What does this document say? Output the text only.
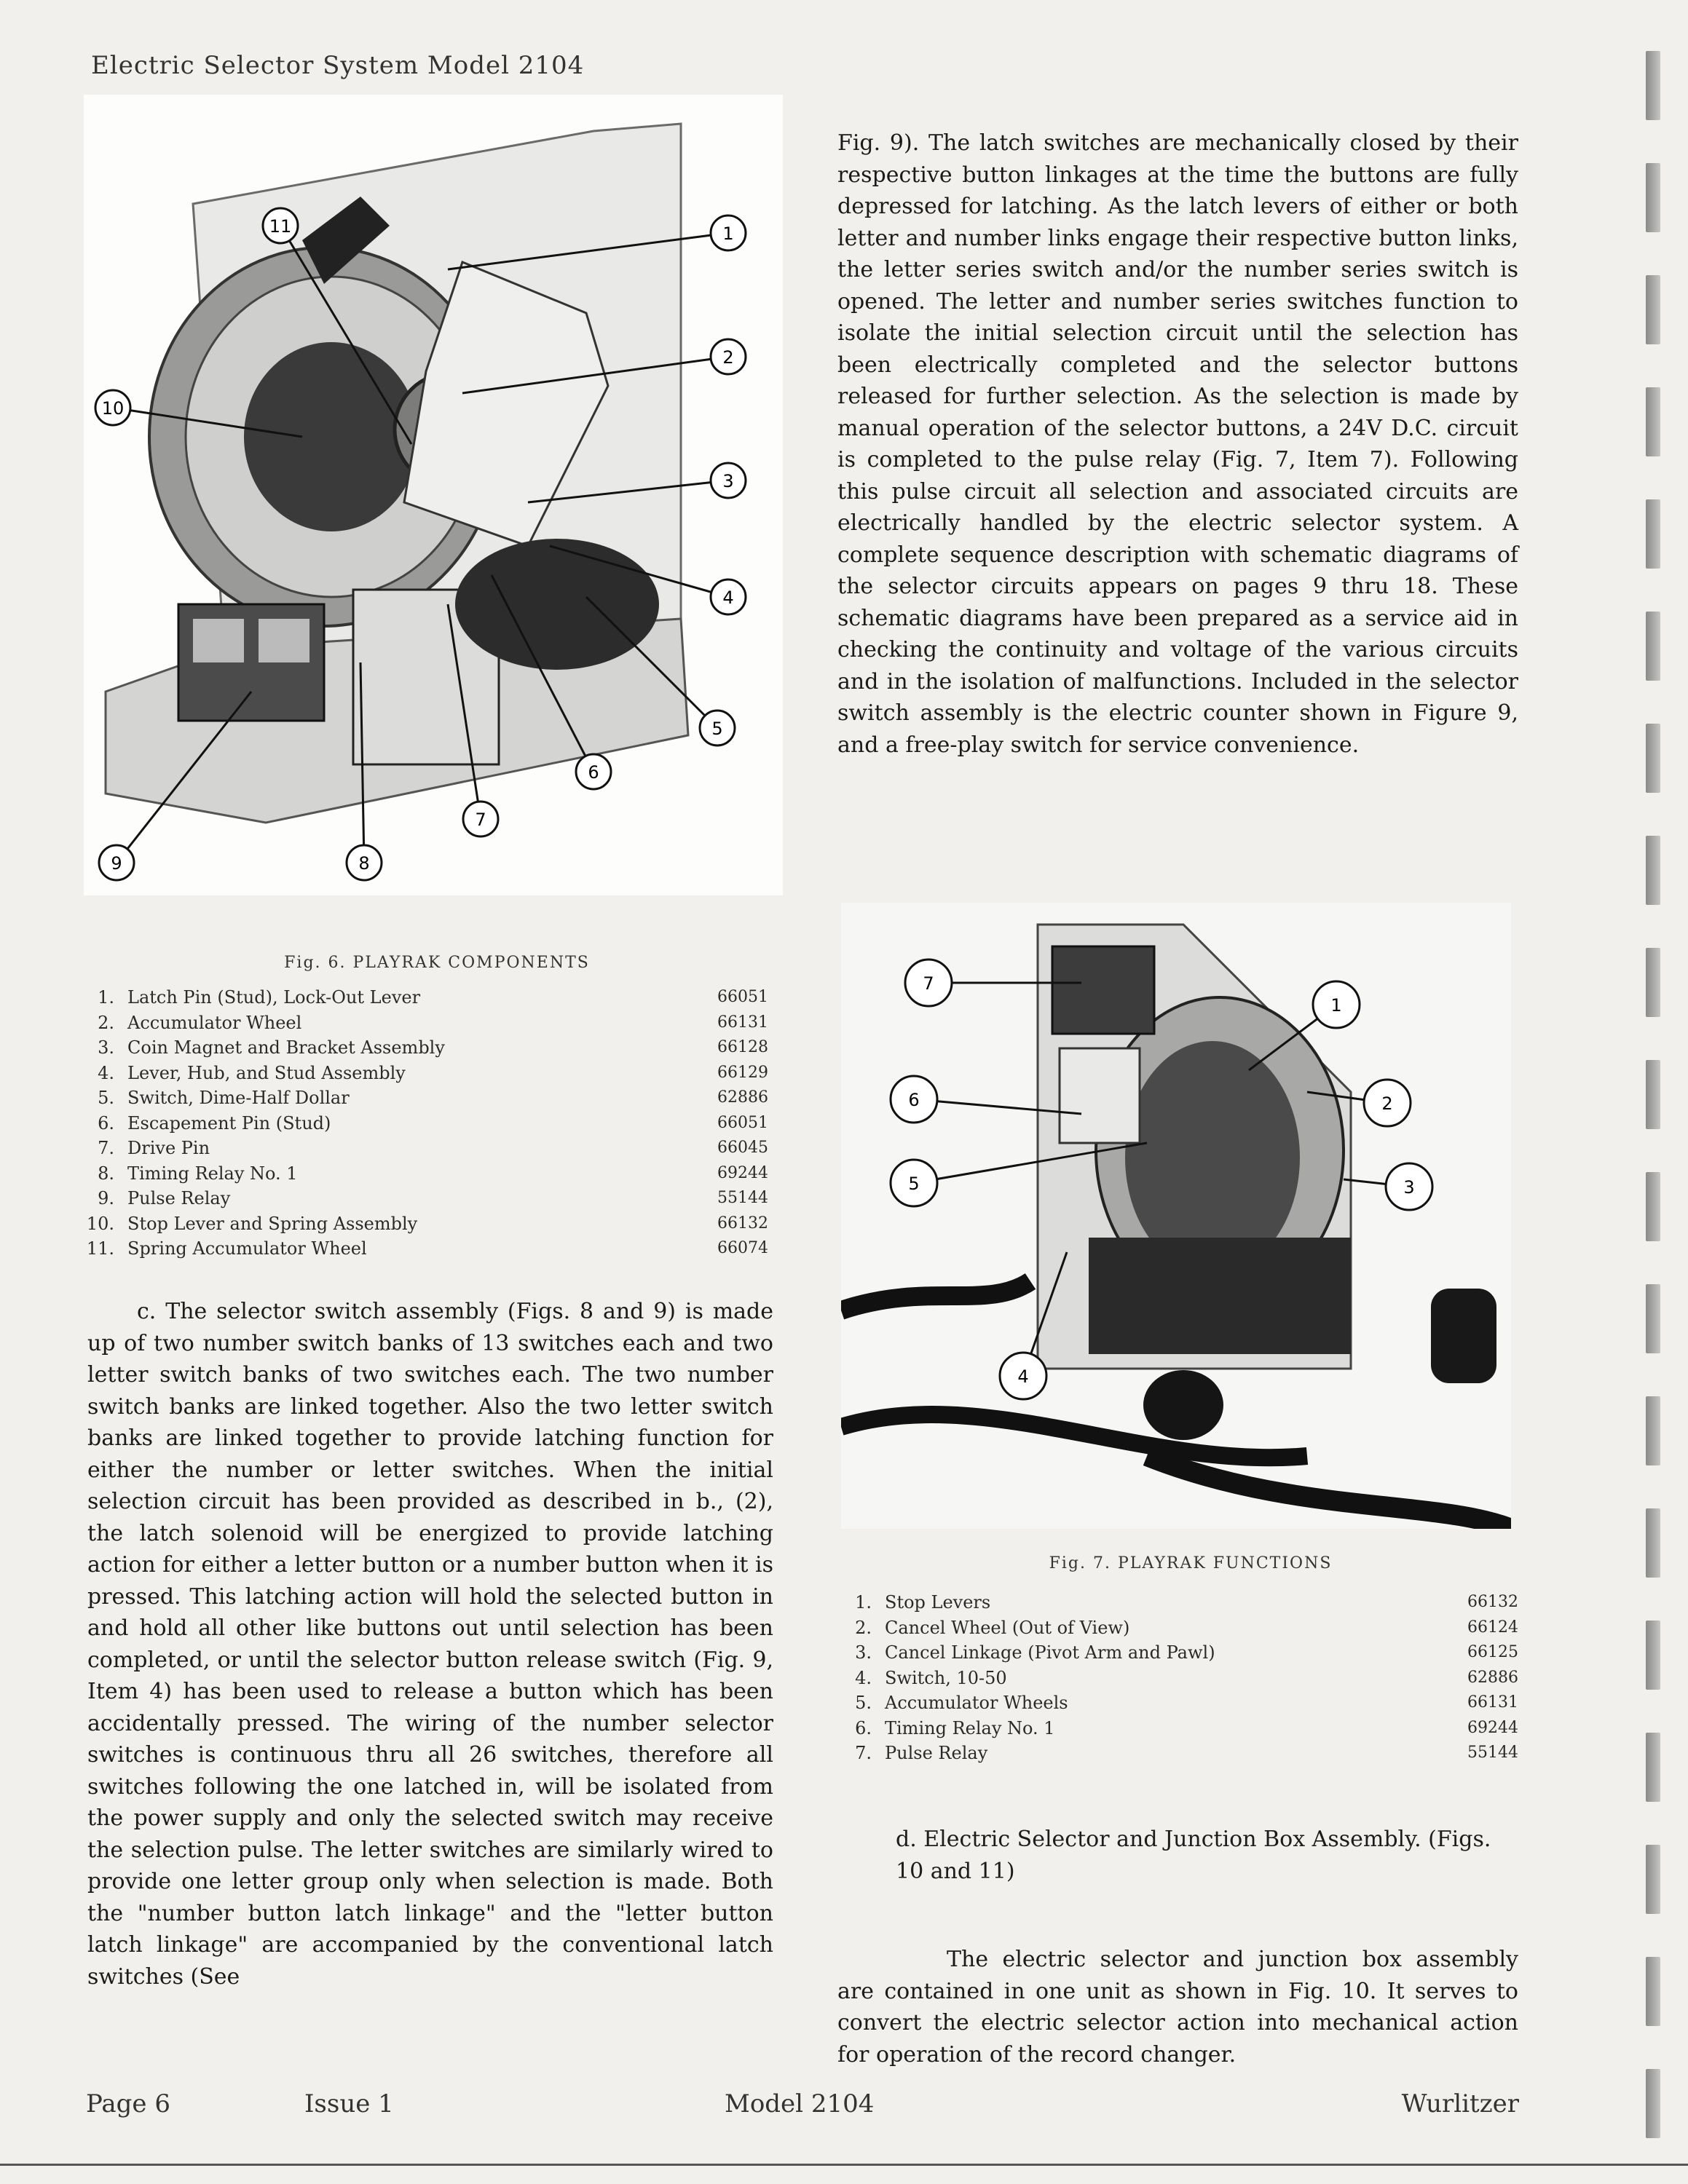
Electric Selector System Model 2104
1
2
3
4
5
6
7
8
9
10
11
1
2
3
4
5
6
7
Fig. 6. PLAYRAK COMPONENTS
1. Latch Pin (Stud), Lock-Out Lever	66051
2. Accumulator Wheel	66131
3. Coin Magnet and Bracket Assembly	66128
4. Lever, Hub, and Stud Assembly	66129
5. Switch, Dime-Half Dollar	62886
6. Escapement Pin (Stud)	66051
7. Drive Pin	66045
8. Timing Relay No. 1	69244
9. Pulse Relay	55144
10. Stop Lever and Spring Assembly	66132
11. Spring Accumulator Wheel	66074
Fig. 9). The latch switches are mechanically closed by their respective button linkages at the time the buttons are fully depressed for latching. As the latch levers of either or both letter and number links engage their respective button links, the letter series switch and/or the number series switch is opened. The letter and number series switches function to isolate the initial selection circuit until the selection has been electrically completed and the selector buttons released for further selection. As the selection is made by manual operation of the selector buttons, a 24V D.C. circuit is completed to the pulse relay (Fig. 7, Item 7). Following this pulse circuit all selection and associated circuits are electrically handled by the electric selector system. A complete sequence description with schematic diagrams of the selector circuits appears on pages 9 thru 18. These schematic diagrams have been prepared as a service aid in checking the continuity and voltage of the various circuits and in the isolation of malfunctions. Included in the selector switch assembly is the electric counter shown in Figure 9, and a free-play switch for service convenience.
c. The selector switch assembly (Figs. 8 and 9) is made up of two number switch banks of 13 switches each and two letter switch banks of two switches each. The two number switch banks are linked together. Also the two letter switch banks are linked together to provide latching function for either the number or letter switches. When the initial selection circuit has been provided as described in b., (2), the latch solenoid will be energized to provide latching action for either a letter button or a number button when it is pressed. This latching action will hold the selected button in and hold all other like buttons out until selection has been completed, or until the selector button release switch (Fig. 9, Item 4) has been used to release a button which has been accidentally pressed. The wiring of the number selector switches is continuous thru all 26 switches, therefore all switches following the one latched in, will be isolated from the power supply and only the selected switch may receive the selection pulse. The letter switches are similarly wired to provide one letter group only when selection is made. Both the "number button latch linkage" and the "letter button latch linkage" are accompanied by the conventional latch switches (See
Fig. 7. PLAYRAK FUNCTIONS
1. Stop Levers	66132
2. Cancel Wheel (Out of View)	66124
3. Cancel Linkage (Pivot Arm and Pawl)	66125
4. Switch, 10-50	62886
5. Accumulator Wheels	66131
6. Timing Relay No. 1	69244
7. Pulse Relay	55144
d. Electric Selector and Junction Box Assembly. (Figs. 10 and 11)
The electric selector and junction box assembly are contained in one unit as shown in Fig. 10. It serves to convert the electric selector action into mechanical action for operation of the record changer.
Page 6	Issue 1	Model 2104	Wurlitzer
